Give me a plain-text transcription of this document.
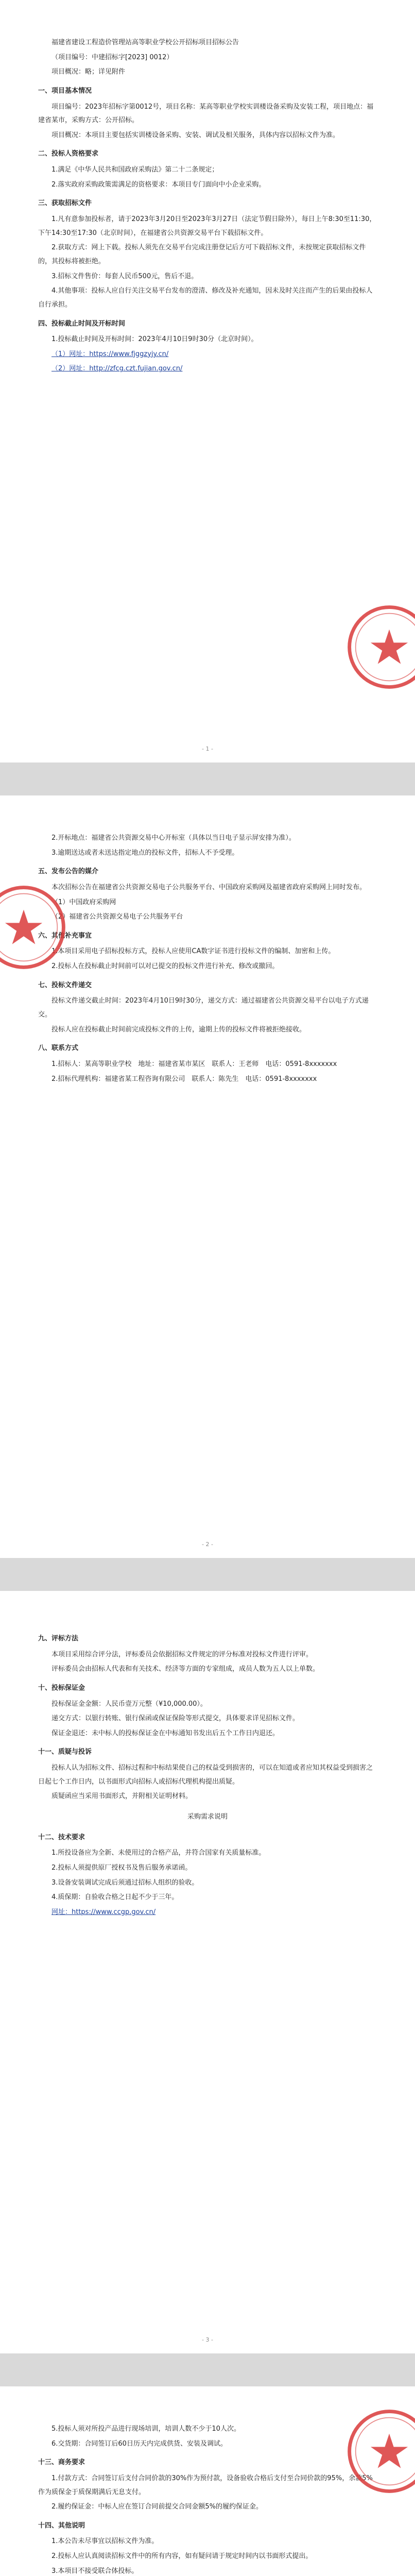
福建省建设工程造价管理站高等职业学校公开招标项目招标公告

（项目编号：中建招标字[2023] 0012）

项目概况：略；详见附件

一、项目基本情况

项目编号：2023年招标字第0012号，项目名称：某高等职业学校实训楼设备采购及安装工程，项目地点：福建省某市，采购方式：公开招标。

项目概况：本项目主要包括实训楼设备采购、安装、调试及相关服务，具体内容以招标文件为准。

二、投标人资格要求

1.满足《中华人民共和国政府采购法》第二十二条规定；

2.落实政府采购政策需满足的资格要求：本项目专门面向中小企业采购。

三、获取招标文件

1.凡有意参加投标者，请于2023年3月20日至2023年3月27日（法定节假日除外），每日上午8:30至11:30，下午14:30至17:30（北京时间），在福建省公共资源交易平台下载招标文件。

2.获取方式：网上下载。投标人须先在交易平台完成注册登记后方可下载招标文件，未按规定获取招标文件的，其投标将被拒绝。

3.招标文件售价：每套人民币500元，售后不退。

4.其他事项：投标人应自行关注交易平台发布的澄清、修改及补充通知，因未及时关注而产生的后果由投标人自行承担。

四、投标截止时间及开标时间

1.投标截止时间及开标时间：2023年4月10日9时30分（北京时间）。

（1）网址：https://www.fjggzyjy.cn/

（2）网址：http://zfcg.czt.fujian.gov.cn/

- 1 -

2.开标地点：福建省公共资源交易中心开标室（具体以当日电子显示屏安排为准）。

3.逾期送达或者未送达指定地点的投标文件，招标人不予受理。

五、发布公告的媒介

本次招标公告在福建省公共资源交易电子公共服务平台、中国政府采购网及福建省政府采购网上同时发布。

（1）中国政府采购网

（2）福建省公共资源交易电子公共服务平台

六、其他补充事宜

1.本项目采用电子招标投标方式，投标人应使用CA数字证书进行投标文件的编制、加密和上传。

2.投标人在投标截止时间前可以对已提交的投标文件进行补充、修改或撤回。

七、投标文件递交

投标文件递交截止时间：2023年4月10日9时30分，递交方式：通过福建省公共资源交易平台以电子方式递交。

投标人应在投标截止时间前完成投标文件的上传，逾期上传的投标文件将被拒绝接收。

八、联系方式

1.招标人：某高等职业学校　地址：福建省某市某区　联系人：王老师　电话：0591-8xxxxxxx

2.招标代理机构：福建省某工程咨询有限公司　联系人：陈先生　电话：0591-8xxxxxxx

- 2 -
九、评标方法

本项目采用综合评分法，评标委员会依据招标文件规定的评分标准对投标文件进行评审。

评标委员会由招标人代表和有关技术、经济等方面的专家组成，成员人数为五人以上单数。

十、投标保证金

投标保证金金额：人民币壹万元整（¥10,000.00）。

递交方式：以银行转账、银行保函或保证保险等形式提交，具体要求详见招标文件。

保证金退还：未中标人的投标保证金在中标通知书发出后五个工作日内退还。

十一、质疑与投诉

投标人认为招标文件、招标过程和中标结果使自己的权益受到损害的，可以在知道或者应知其权益受到损害之日起七个工作日内，以书面形式向招标人或招标代理机构提出质疑。

质疑函应当采用书面形式，并附相关证明材料。

采购需求说明

十二、技术要求

1.所投设备应为全新、未使用过的合格产品，并符合国家有关质量标准。

2.投标人须提供原厂授权书及售后服务承诺函。

3.设备安装调试完成后须通过招标人组织的验收。

4.质保期：自验收合格之日起不少于三年。

网址：https://www.ccgp.gov.cn/

- 3 -

5.投标人须对所投产品进行现场培训，培训人数不少于10人次。

6.交货期：合同签订后60日历天内完成供货、安装及调试。

十三、商务要求

1.付款方式：合同签订后支付合同价款的30%作为预付款，设备验收合格后支付至合同价款的95%，余款5%作为质保金于质保期满后无息支付。

2.履约保证金：中标人应在签订合同前提交合同金额5%的履约保证金。

十四、其他说明

1.本公告未尽事宜以招标文件为准。

2.投标人应认真阅读招标文件中的所有内容，如有疑问请于规定时间内以书面形式提出。

3.本项目不接受联合体投标。
